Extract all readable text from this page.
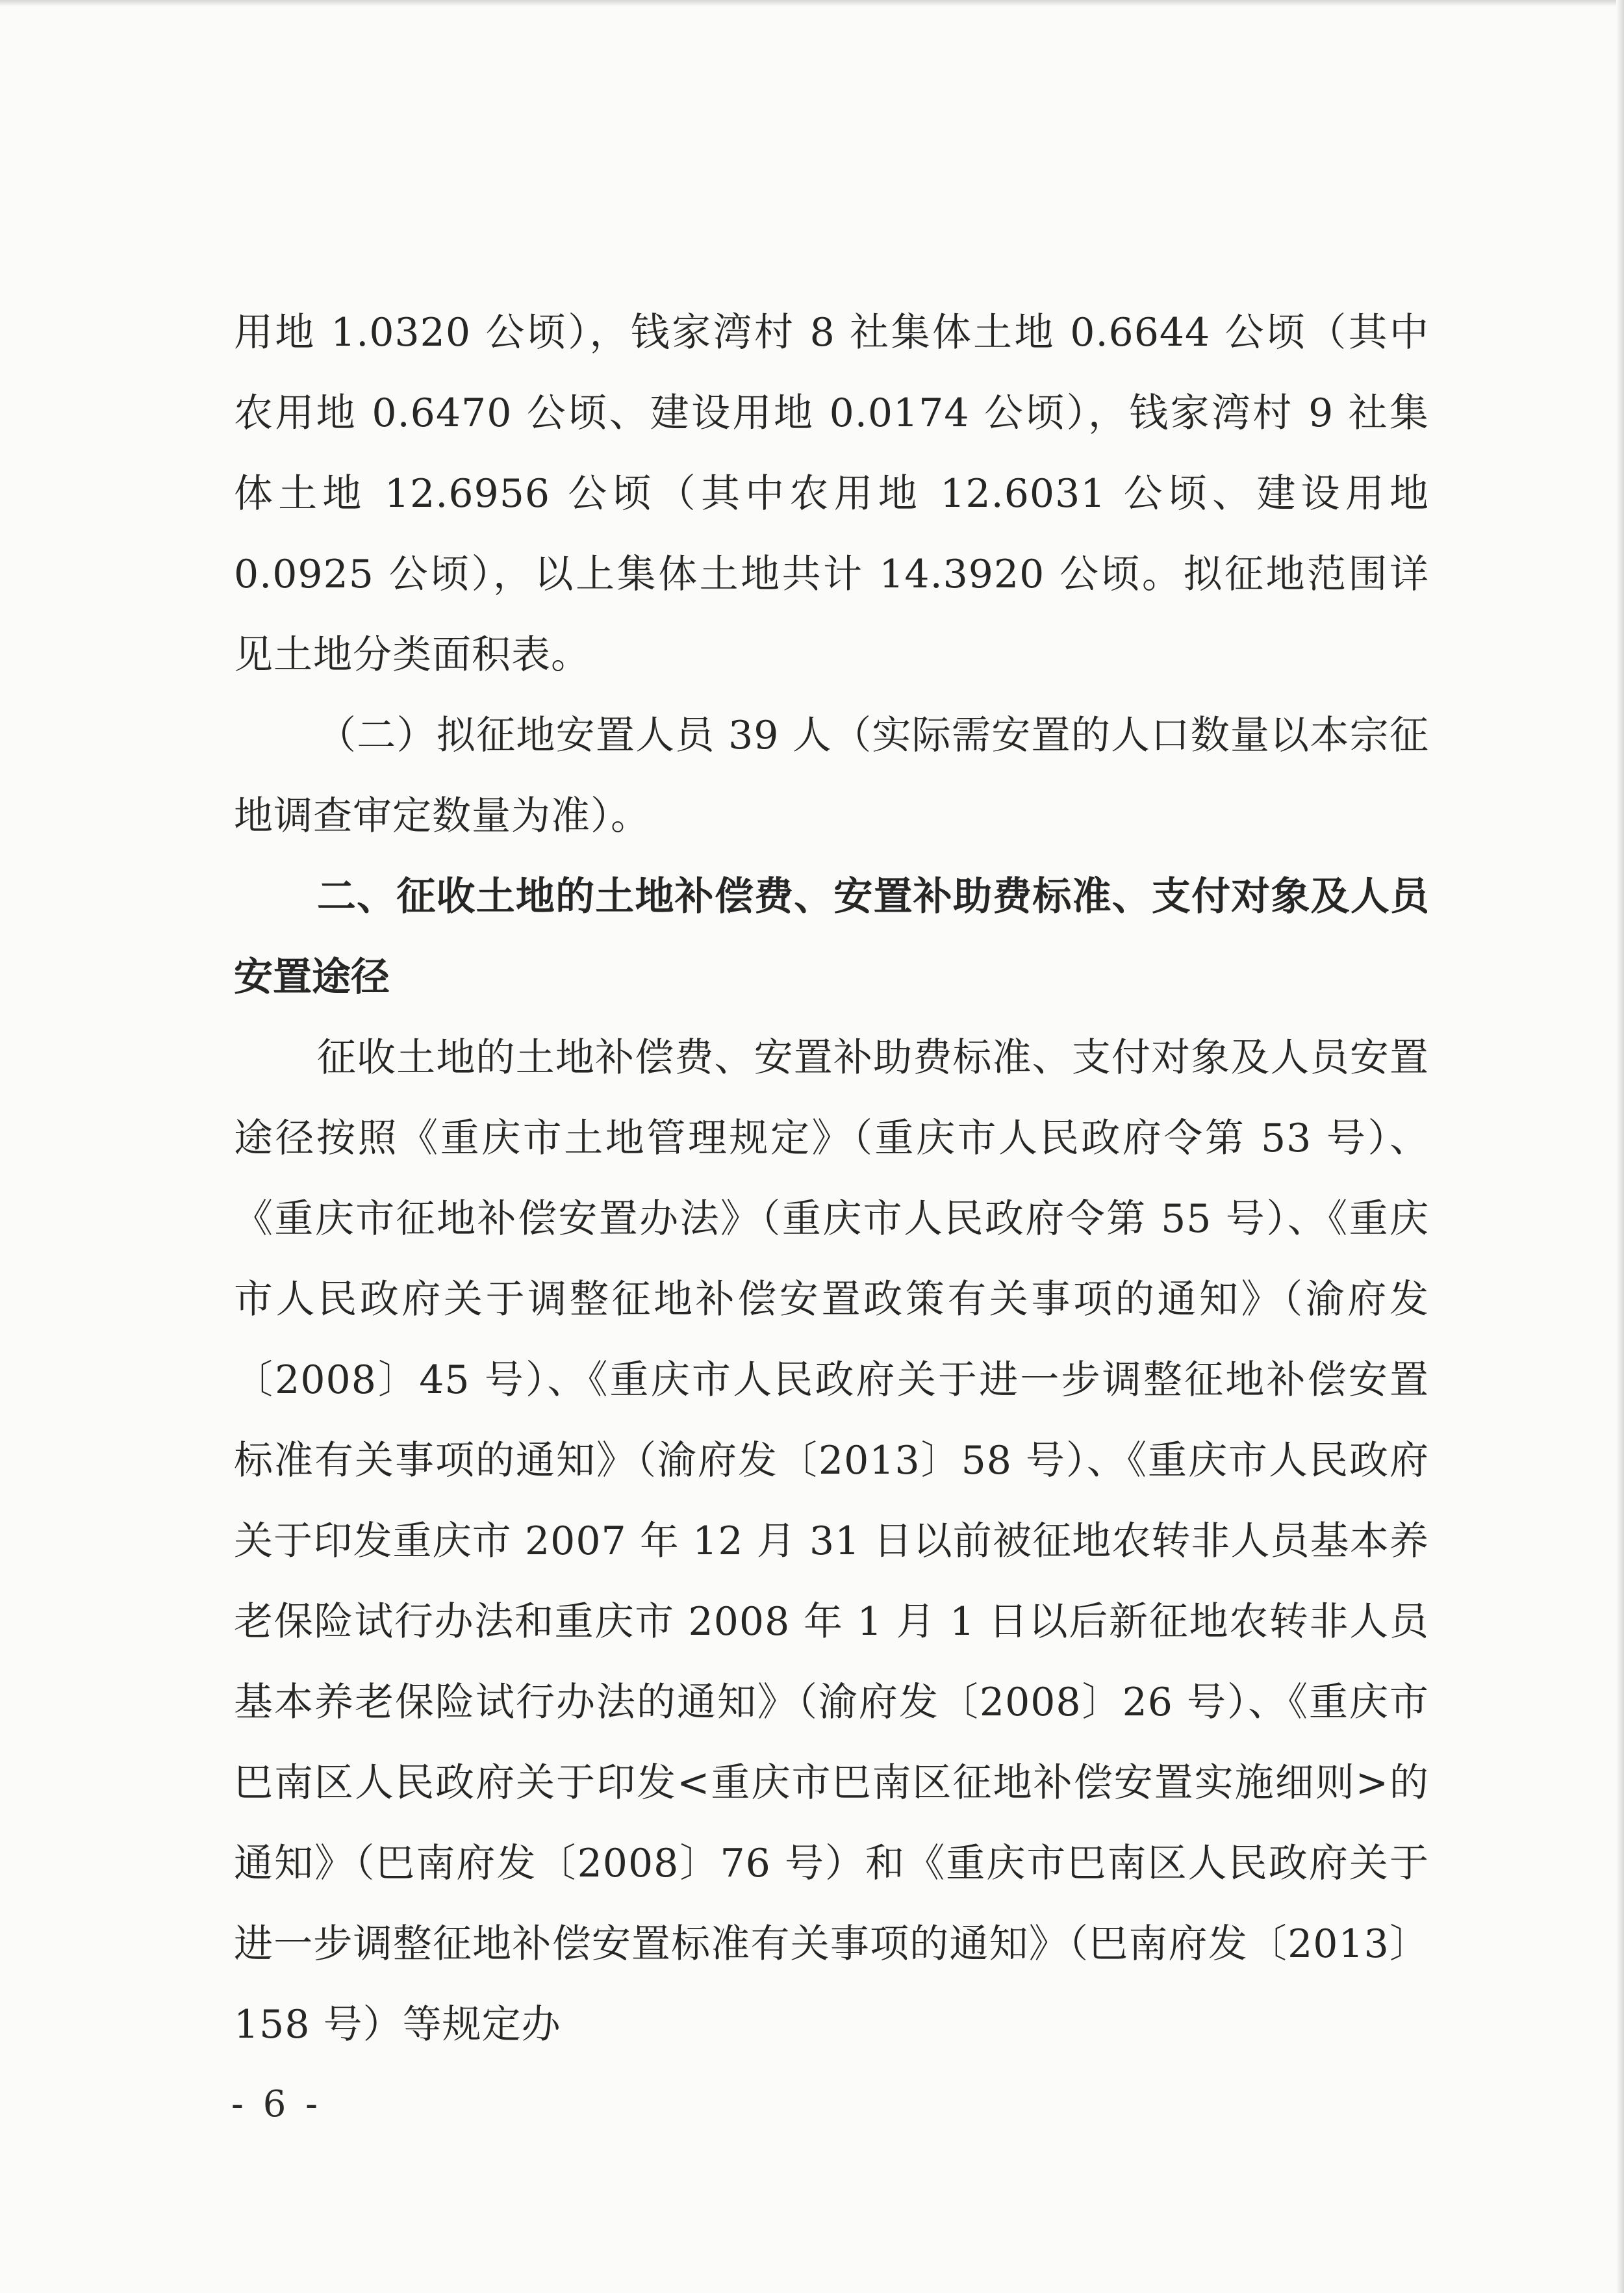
用地 1.0320 公顷），钱家湾村 8 社集体土地 0.6644 公顷（其中农用地 0.6470 公顷、建设用地 0.0174 公顷），钱家湾村 9 社集体土地 12.6956 公顷（其中农用地 12.6031 公顷、建设用地 0.0925 公顷），以上集体土地共计 14.3920 公顷。拟征地范围详见土地分类面积表。

（二）拟征地安置人员 39 人（实际需安置的人口数量以本宗征地调查审定数量为准）。

二、征收土地的土地补偿费、安置补助费标准、支付对象及人员安置途径

征收土地的土地补偿费、安置补助费标准、支付对象及人员安置途径按照《重庆市土地管理规定》（重庆市人民政府令第 53 号）、《重庆市征地补偿安置办法》（重庆市人民政府令第 55 号）、《重庆市人民政府关于调整征地补偿安置政策有关事项的通知》（渝府发〔2008〕45 号）、《重庆市人民政府关于进一步调整征地补偿安置标准有关事项的通知》（渝府发〔2013〕58 号）、《重庆市人民政府关于印发重庆市 2007 年 12 月 31 日以前被征地农转非人员基本养老保险试行办法和重庆市 2008 年 1 月 1 日以后新征地农转非人员基本养老保险试行办法的通知》（渝府发〔2008〕26 号）、《重庆市巴南区人民政府关于印发<重庆市巴南区征地补偿安置实施细则>的通知》（巴南府发〔2008〕76 号）和《重庆市巴南区人民政府关于进一步调整征地补偿安置标准有关事项的通知》（巴南府发〔2013〕158 号）等规定办

- 6 -
